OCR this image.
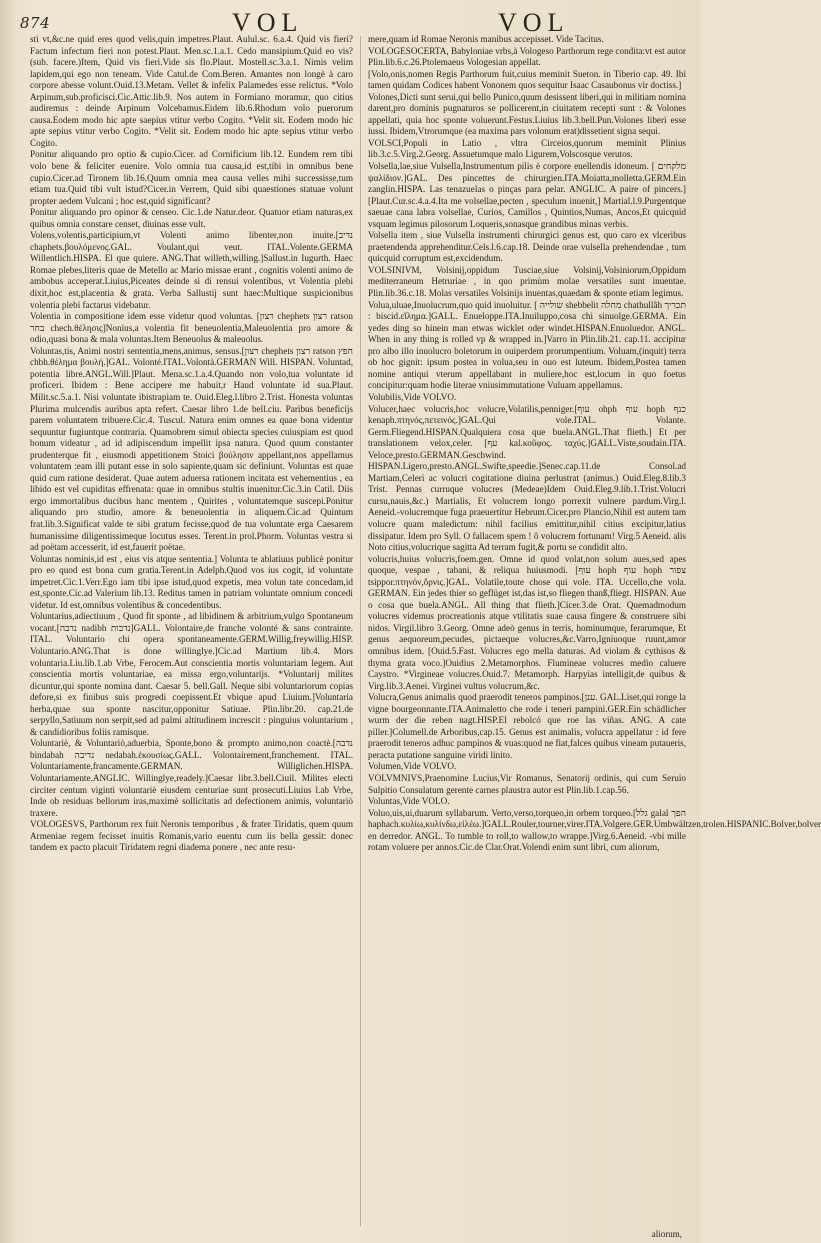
874	VOL	VOL

sti vt,&c.ne quid eres quod velis,quin impetres.Plaut. Aulul.sc. 6.a.4. Quid vis fieri? Factum infectum fieri non potest.Plaut. Men.sc.1.a.1. Cedo mansipium.Quid eo vis?(sub. facere.)Item, Quid vis fieri.Vide sis flo.Plaut. Mostell.sc.3.a.1. Nimis velim lapidem,qui ego non teneam. Vide Catul.de Com.Beren. Amantes non longè à caro corpore abesse volunt.Ouid.13.Metam. Vellet & infelix Palamedes esse relictus. *Volo Arpinum,sub.proficisci.Cic.Attic.lib.9. Nos autem in Formiano moramur, quo citius audiremus : deinde Arpinum Volcebamus.Eidem lib.6.Rhodum volo puerorum causa.Eodem modo hic apte saepius vtitur verbo Cogito. *Velit sit. Eodem modo hic apte sepius vtitur verbo Cogito. *Velit sit. Eodem modo hic apte sepius vtitur verbo Cogito.

Ponitur aliquando pro optio & cupio.Cicer. ad Cornificium lib.12. Eundem rem tibi volo bene & feliciter euenire. Volo omnia tua causa,id est,tibi in omnibus bene cupio.Cicer.ad Tironem lib.16.Quum omnia mea causa velles mihi successisse,tum etiam tua.Quid tibi vult istud?Cicer.in Verrem, Quid sibi quaestiones statuae volunt propter aedem Vulcani ; hoc est,quid significant?

Ponitur aliquando pro opinor & censeo. Cic.1.de Natur.deor. Quatuor etiam naturas,ex quibus omnia constare censet, diuinas esse vult.

Volens,volentis,participium,vt Volenti animo libenter,non inuite.[נדיב chaphets.βουλόμενος.GAL. Voulant,qui veut. ITAL.Volente.GERMA Willentlich.HISPA. El que quiere. ANG.That willeth,willing.]Sallust.in Iugurth. Haec Romae plebes,literis quae de Metello ac Mario missae erant , cognitis volenti animo de ambobus acceperat.Liuius,Piceates deinde si di rensui volentibus, vt Volentia plebi dixit,hoc est,placentia & grata. Verba Sallustij sunt haec:Multique suspicionibus volentia plebi factarus videbatur.

Volentia in compositione idem esse videtur quod voluntas. [רצון chephets רצון ratson בחר chech.θέλησις]Nonius,a volentia fit beneuolentia,Maleuolentia pro amore & odio,quasi bona & mala voluntas.Item Beneuolus & maleuolus.

Voluntas,tis, Animi nostri sententia,mens,animus, sensus.[רצון chephets רצון ratson חפץ chbh.θέλημα βουλή.]GAL. Volonté.ITAL.Volontà.GERMAN Will. HISPAN. Voluntad, potentia libre.ANGL.Will.]Plaut. Mena.sc.1.a.4.Quando non volo,tua voluntate id proficeri. Ibidem : Bene accipere me habuit,r Haud voluntate id sua.Plaut. Milit.sc.5.a.1. Nisi voluntate ibistrapiam te. Ouid.Eleg.l.libro 2.Trist. Honesta voluntas Plurima mulcendis auribus apta refert. Caesar libro 1.de bell.ciu. Paribus beneficijs parem voluntatem tribuere.Cic.4. Tuscul. Natura enim omnes ea quae bona videntur sequuntur fugiuntque contraria. Quamobrem simul obiecta species cuiuspiam est quod bonum videatur , ad id adipiscendum impellit ipsa natura. Quod quum constanter prudenterque fit , eiusmodi appetitionem Stoici βούλησιν appellant,nos appellamus voluntatem :eam illi putant esse in solo sapiente,quam sic definiunt. Voluntas est quae quid cum ratione desiderat. Quae autem aduersa rationem incitata est vehementius , ea libido est vel cupiditas effrenata: quae in omnibus stultis inuenitur.Cic.3.in Catil. Diis ergo immortalibus ducibus hanc mentem , Quirites , voluntatemque suscepi.Ponitur aliquando pro studio, amore & beneuolentia in aliquem.Cic.ad Quintum frat.lib.3.Significat valde te sibi gratum fecisse,quod de tua voluntate erga Caesarem humanissime diligentissimeque locutus esses. Terent.in prol.Phorm. Voluntas vestra si ad poëtam accesserit, id est,fauerit poëtae.

Voluntas nominis,id est , eius vis atque sententia.] Volunta te ablatiuus publicè ponitur pro eo quod est bona cum gratia.Terent.in Adelph.Quod vos ius cogit, id voluntate impetret.Cic.1.Verr.Ego iam tibi ipse istud,quod expetis, mea volun tate concedam,id est,sponte.Cic.ad Valerium lib.13. Reditus tamen in patriam voluntate omnium concedi videtur. Id est,omnibus volentibus & concedentibus.

Voluntarius,adiectiuum , Quod fit sponte , ad libidinem & arbitrium,vulgo Spontaneum vocant.[נדבה nadibh נדבות]GALL. Volontaire,de franche volonté & sans contrainte. ITAL. Voluntario chi opera spontaneamente.GERM.Willig,freywillig.HISP. Voluntario.ANG.That is done willinglye.]Cic.ad Martium lib.4. Mors voluntaria.Liu.lib.1.ab Vrbe, Ferocem.Aut conscientia mortis voluntariam legem. Aut conscientia mortis voluntariae, ea missa ergo,voluntarijs. *Voluntarij milites dicuntur,qui sponte nomina dant. Caesar 5. bell.Gall. Neque sibi voluntariorum copias defore,si ex finibus suis progredi coepissent.Et vbique apud Liuium.]Voluntaria herba,quae sua sponte nascitur,opponitur Satiuae. Plin.libr.20. cap.21.de serpyllo,Satiuum non serpit,sed ad palmi altitudinem increscit : pinguius voluntarium , & candidioribus foliis ramisque.

Voluntariè, & Voluntariò,aduerbia, Sponte,bono & prompto animo,non coactè.[נדבה bindabah נדיבה nedabah.ἑκουσίως.GALL. Volontairement,franchement. ITAL. Voluntariamente,francamente.GERMAN. Williglichen.HISPA. Voluntariamente.ANGLIC. Willinglye,readely.]Caesar libr.3.bell.Ciuil. Milites electi circiter centum viginti voluntariè eiusdem centuriae sunt prosecuti.Liuius l.ab Vrbe, Inde ob residuas bellorum iras,maximè sollicitatis ad defectionem animis, voluntariò traxere.

VOLOGESVS, Parthorum rex fuit Neronis temporibus , & frater Tiridatis, quem quum Armeniae regem fecisset inuitis Romanis,vario euentu cum iis bella gessit: donec tandem ex pacto placuit Tiridatem regni diadema ponere , nec ante resu-

mere,quam id Romae Neronis manibus accepisset. Vide Tacitus.

VOLOGESOCERTA, Babyloniae vrbs,à Vologeso Parthorum rege condita:vt est autor Plin.lib.6.c.26.Ptolemaeus Vologesian appellat.

[Volo,onis,nomen Regis Parthorum fuit,cuius meminit Sueton. in Tiberio cap. 49. Ibi tamen quidam Codices habent Vononem quos sequitur Isaac Casaubonus vir doctiss.]

Volones,Dicti sunt serui,qui bello Punico,quum desissent liberi,qui in militiam nomina darent,pro dominis pugnaturos se pollicerent,in ciuitatem recepti sunt : & Volones appellati, quia hoc sponte voluerunt.Festus.Liuius lib.3.bell.Pun.Volones liberi esse iussi. Ibidem,Vtrorumque (ea maxima pars volonum erat)dissetient signa sequi.

VOLSCI,Populi in Latio , vltra Circeios,quorum meminit Plinius lib.3.c.5.Virg.2.Georg. Assuetumque malo Ligurem,Volscosque verutos.

Volsella,lae,siue Vulsella,Instrumentum pilis è corpore euellendis idoneum. [ מלקחים ψαλίδιον.]GAL. Des pincettes de chirurgien.ITA.Moiatta,molletta.GERM.Ein zanglin.HISPA. Las tenazuelas o pinças para pelar. ANGLIC. A paire of pincers.] [Plaut.Cur.sc.4.a.4.Ita me volsellae,pecten , speculum inuenit,] Martial.l.9.Purgentque saeuae cana labra volsellae, Curios, Camillos , Quintios,Numas, Ancos,Et quicquid vsquam legimus pilosorum Loqueris,sonasque grandibus minas verbis.

Volsella item , siue Vulsella instrumenti chirurgici genus est, quo caro ex vlceribus praetendenda apprehenditur.Cels.l.6.cap.18. Deinde orae vulsella prehendendae , tum quicquid corruptum est,excidendum.

VOLSINIVM, Volsinij,oppidum Tusciae,siue Volsinij,Volsiniorum,Oppidum mediterraneum Hetruriae , in quo primùm molae versatiles sunt inuentae. Plin.lib.36.c.18. Molas versatiles Volsinijs inuentas,quaedam & sponte etiam legimus.

Volua,uluae,Inuolucrum,quo quid inuoluitur. [ שולייה shebbelit מחלה chathullâh תכריך : biscid.εἴλημα.]GALL. Enueloppe.ITA.Inuiluppo,cosa chi sinuolge.GERMA. Ein yedes ding so hinein man etwas wicklet oder windet.HISPAN.Enuoluedor. ANGL. When in any thing is rolled vp & wrapped in.]Varro in Plin.lib.21. cap.11. accipitur pro albo illo inuolucro boletorum in ouiperdem prorumpentium. Voluam,(inquit) terra ob hoc gignit: ipsum postea in volua,seu in ouo est luteum. Ibidem,Postea tamen nomine antiqui vterum appellabant in muliere,hoc est,locum in quo foetus concipitur:quam hodie literae vniusimmutatione Vuluam appellamus.

Volubilis,Vide VOLVO.

Volucer,haec volucris,hoc volucre,Volatilis,penniger.[עוף ohph עוף hoph כנף kenaph.πτηνός,πετεινός.]GAL.Qui vole.ITAL. Volante. Germ.Fliegend.HISPAN.Qualquiera cosa que buela.ANGL.That flieth.] Et per translationem velox,celer. [עף kal.κοῦφος. ταχύς.]GALL.Viste,soudain.ITA. Veloce,presto.GERMAN.Geschwind. HISPAN.Ligero,presto.ANGL.Swifte,speedie.]Senec.cap.11.de Consol.ad Martiam,Celeri ac volucri cogitatione diuina perlustrat (animus.) Ouid.Eleg.8.lib.3 Trist. Pennas curruque volucres (Medeae)Idem Ouid.Eleg.9.lib.1.Trist.Volucri cursu,nauis,&c.) Martialis, Et volucrem longo porrexit vulnere pardum.Virg.l. Aeneid.-volucremque fuga praeuertitur Hebrum.Cicer.pro Plancio,Nihil est autem tam volucre quam maledictum: nihil facilius emittitur,nihil citius excipitur,latius dissipatur. Idem pro Syll. O fallacem spem ! ô volucrem fortunam! Virg.5 Aeneid. alis Noto citius,volucrique sagitta Ad terram fugit,& portu se condidit alto.

volucris,huius volucris,foem.gen. Omne id quod volat,non solum aues,sed apes quoque, vespae , tabani, & reliqua huiusmodi. [עוף hoph עוף hoph צפור tsippor.πτηνόν,ὄρνις.]GAL. Volatile,toute chose qui vole. ITA. Uccello,che vola. GERMAN. Ein jedes thier so geflüget ist,das ist,so fliegen thanß,fliegt. HISPAN. Aue o cosa que buela.ANGL. All thing that flieth.]Cicer.3.de Orat. Quemadmodum volucres videmus procreationis atque vtilitatis suae causa fingere & construere sibi nidos. Virgil.libro 3.Georg. Omne adeò genus in terris, hominumque, ferarumque, Et genus aequoreum,pecudes, pictaeque volucres,&c.Varro,Igniuoque ruunt,amor omnibus idem. [Ouid.5.Fast. Volucres ego mella daturas. Ad violam & cythisos & thyma grata voco.]Ouidius 2.Metamorphos. Flumineae volucres medio caluere Caystro. *Virgineae volucres.Ouid.7. Metamorph. Harpyias intelligit,de quibus & Virg.lib.3.Aenei. Virginei vultus volucrum,&c.

Volucra,Genus animalis quod praerodit teneros pampinos.[ענן. GAL.Liset,qui ronge la vigne bourgeonnante.ITA.Animaletto che rode i teneri pampini.GER.Ein schädlicher wurm der die reben nagt.HISP.El rebolcó que roe las viñas. ANG. A cate piller.]Columell.de Arboribus,cap.15. Genus est animalis, volucra appellatur : id fere praerodit teneros adhuc pampinos & vuas:quod ne fiat,falces quibus vineam putaueris, peracta putatione sanguine viridi linito.

Volumen,Vide VOLVO.

VOLVMNIVS,Praenomine Lucius,Vir Romanus, Senatorij ordinis, qui cum Seruio Sulpitio Consulatum gerente carnes plaustra autor est Plin.lib.1.cap.56.

Voluntas,Vide VOLO.

Voluo,uis,ui,duarum syllabarum. Verto,verso,torqueo,in orbem torqueo.[גלל galal הפך haphach.κυλίω,κυλίνδω,εἰλέω.]GALL.Rouler,tourner,virer.ITA.Volgere.GER.Umbwältzen,trolen.HISPANIC.Bolver,bolver en derredor. ANGL. To tumble to roll,to wallow,to wrappe.]Virg.6.Aeneid. -vbi mille rotam voluere per annos.Cic.de Clar.Orat.Volendi enim sunt libri, cum aliorum,

aliorum,
